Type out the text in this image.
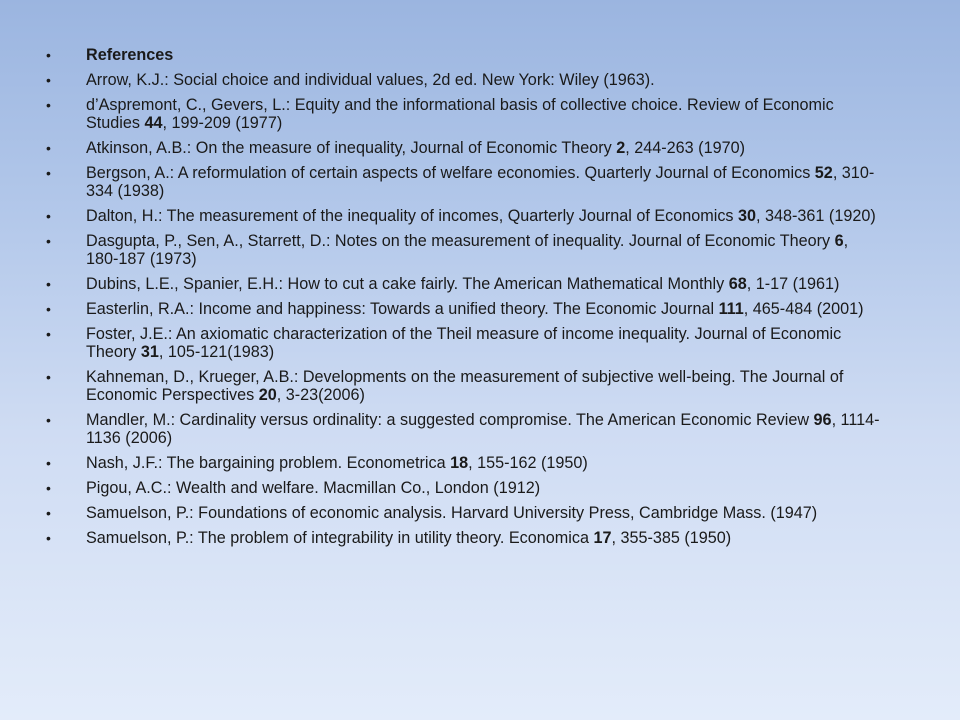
• References
• Arrow, K.J.: Social choice and individual values, 2d ed. New York: Wiley (1963).
• d’Aspremont, C., Gevers, L.: Equity and the informational basis of collective choice. Review of Economic Studies 44, 199-209 (1977)
• Atkinson, A.B.: On the measure of inequality, Journal of Economic Theory 2, 244-263 (1970)
• Bergson, A.: A reformulation of certain aspects of welfare economies. Quarterly Journal of Economics 52, 310-334 (1938)
• Dalton, H.: The measurement of the inequality of incomes, Quarterly Journal of Economics 30, 348-361 (1920)
• Dasgupta, P., Sen, A., Starrett, D.: Notes on the measurement of inequality. Journal of Economic Theory 6, 180-187 (1973)
• Dubins, L.E., Spanier, E.H.: How to cut a cake fairly. The American Mathematical Monthly 68, 1-17 (1961)
• Easterlin, R.A.: Income and happiness: Towards a unified theory. The Economic Journal 111, 465-484 (2001)
• Foster, J.E.: An axiomatic characterization of the Theil measure of income inequality. Journal of Economic Theory 31, 105-121(1983)
• Kahneman, D., Krueger, A.B.: Developments on the measurement of subjective well-being. The Journal of Economic Perspectives 20, 3-23(2006)
• Mandler, M.: Cardinality versus ordinality: a suggested compromise. The American Economic Review 96, 1114-1136 (2006)
• Nash, J.F.: The bargaining problem. Econometrica 18, 155-162 (1950)
• Pigou, A.C.: Wealth and welfare. Macmillan Co., London (1912)
• Samuelson, P.: Foundations of economic analysis. Harvard University Press, Cambridge Mass. (1947)
• Samuelson, P.: The problem of integrability in utility theory. Economica 17, 355-385 (1950)
